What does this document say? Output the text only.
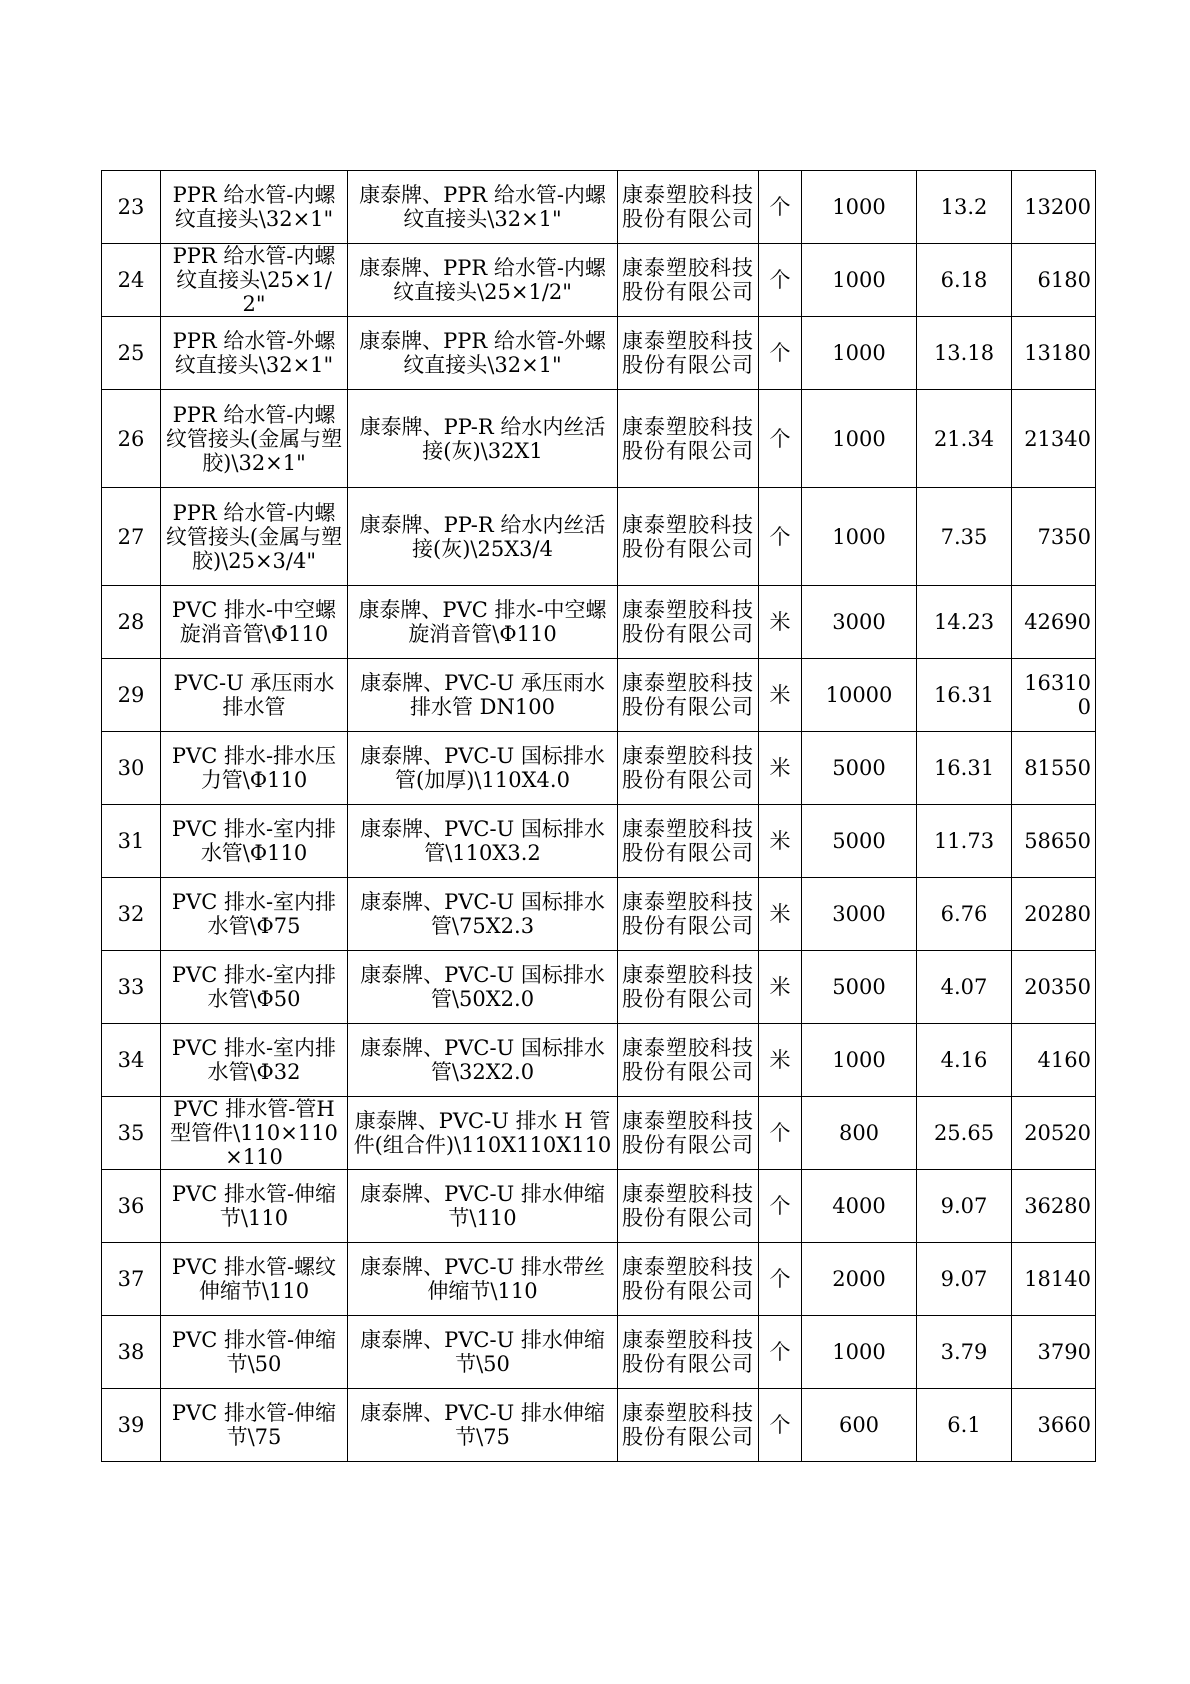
23	PPR 给水管-内螺纹直接头\32×1"	康泰牌、PPR 给水管-内螺纹直接头\32×1"	康泰塑胶科技股份有限公司	个	1000	13.2	13200
24	PPR 给水管-内螺纹直接头\25×1/2"	康泰牌、PPR 给水管-内螺纹直接头\25×1/2"	康泰塑胶科技股份有限公司	个	1000	6.18	6180
25	PPR 给水管-外螺纹直接头\32×1"	康泰牌、PPR 给水管-外螺纹直接头\32×1"	康泰塑胶科技股份有限公司	个	1000	13.18	13180
26	PPR 给水管-内螺纹管接头(金属与塑胶)\32×1"	康泰牌、PP-R 给水内丝活接(灰)\32X1	康泰塑胶科技股份有限公司	个	1000	21.34	21340
27	PPR 给水管-内螺纹管接头(金属与塑胶)\25×3/4"	康泰牌、PP-R 给水内丝活接(灰)\25X3/4	康泰塑胶科技股份有限公司	个	1000	7.35	7350
28	PVC 排水-中空螺旋消音管\Φ110	康泰牌、PVC 排水-中空螺旋消音管\Φ110	康泰塑胶科技股份有限公司	米	3000	14.23	42690
29	PVC-U 承压雨水排水管	康泰牌、PVC-U 承压雨水排水管 DN100	康泰塑胶科技股份有限公司	米	10000	16.31	163100
30	PVC 排水-排水压力管\Φ110	康泰牌、PVC-U 国标排水管(加厚)\110X4.0	康泰塑胶科技股份有限公司	米	5000	16.31	81550
31	PVC 排水-室内排水管\Φ110	康泰牌、PVC-U 国标排水管\110X3.2	康泰塑胶科技股份有限公司	米	5000	11.73	58650
32	PVC 排水-室内排水管\Φ75	康泰牌、PVC-U 国标排水管\75X2.3	康泰塑胶科技股份有限公司	米	3000	6.76	20280
33	PVC 排水-室内排水管\Φ50	康泰牌、PVC-U 国标排水管\50X2.0	康泰塑胶科技股份有限公司	米	5000	4.07	20350
34	PVC 排水-室内排水管\Φ32	康泰牌、PVC-U 国标排水管\32X2.0	康泰塑胶科技股份有限公司	米	1000	4.16	4160
35	PVC 排水管-管H 型管件\110×110×110	康泰牌、PVC-U 排水 H 管件(组合件)\110X110X110	康泰塑胶科技股份有限公司	个	800	25.65	20520
36	PVC 排水管-伸缩节\110	康泰牌、PVC-U 排水伸缩节\110	康泰塑胶科技股份有限公司	个	4000	9.07	36280
37	PVC 排水管-螺纹伸缩节\110	康泰牌、PVC-U 排水带丝伸缩节\110	康泰塑胶科技股份有限公司	个	2000	9.07	18140
38	PVC 排水管-伸缩节\50	康泰牌、PVC-U 排水伸缩节\50	康泰塑胶科技股份有限公司	个	1000	3.79	3790
39	PVC 排水管-伸缩节\75	康泰牌、PVC-U 排水伸缩节\75	康泰塑胶科技股份有限公司	个	600	6.1	3660
